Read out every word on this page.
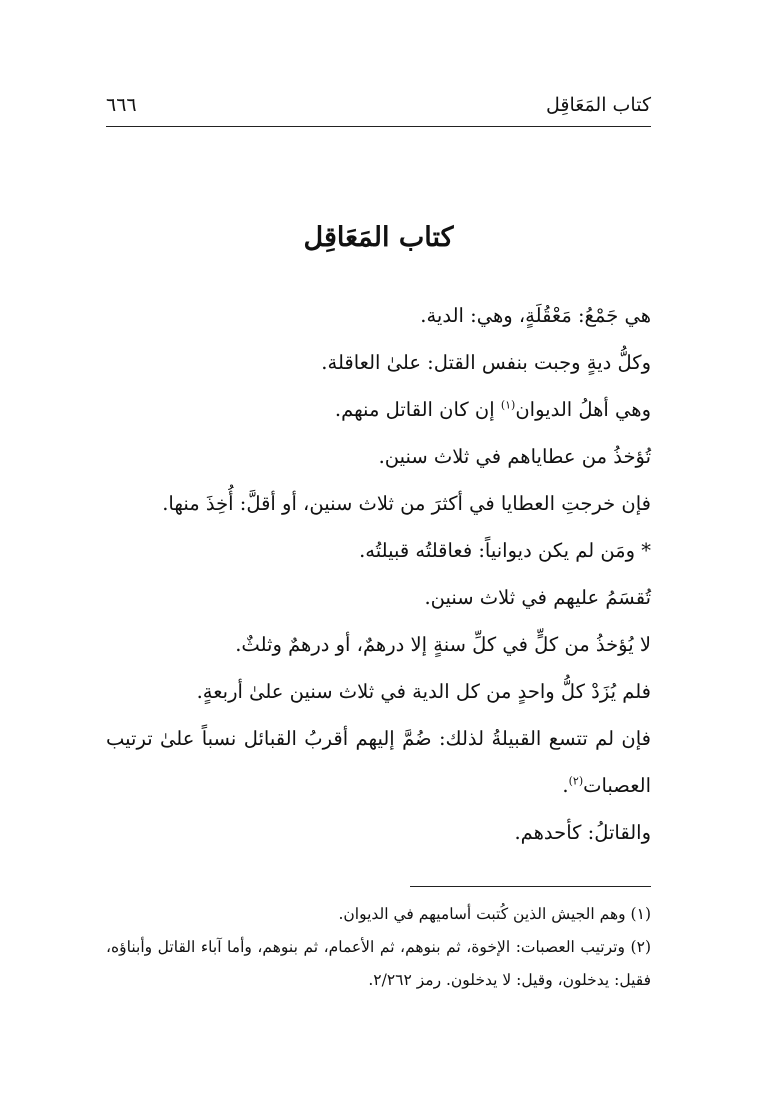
كتاب المَعَاقِل
٦٦٦
كتاب المَعَاقِل
هي جَمْعُ: مَعْقُلَةٍ، وهي: الدية.
وكلُّ ديةٍ وجبت بنفس القتل: علىٰ العاقلة.
وهي أهلُ الديوان$^{(١)}$ إن كان القاتل منهم.
تُؤخذُ من عطاياهم في ثلاث سنين.
فإن خرجتِ العطايا في أكثرَ من ثلاث سنين، أو أقلَّ: أُخِذَ منها.
* ومَن لم يكن ديوانياً: فعاقلتُه قبيلتُه.
تُقسَمُ عليهم في ثلاث سنين.
لا يُؤخذُ من كلٍّ في كلِّ سنةٍ إلا درهمٌ، أو درهمٌ وثلثٌ.
فلم يُزَدْ كلُّ واحدٍ من كل الدية في ثلاث سنين علىٰ أربعةٍ.
فإن لم تتسع القبيلةُ لذلك: ضُمَّ إليهم أقربُ القبائل نسباً علىٰ ترتيب العصبات$^{(٢)}$.
والقاتلُ: كأحدهم.
(١) وهم الجيش الذين كُتبت أساميهم في الديوان.
(٢) وترتيب العصبات: الإخوة، ثم بنوهم، ثم الأعمام، ثم بنوهم، وأما آباء القاتل وأبناؤه، فقيل: يدخلون، وقيل: لا يدخلون. رمز ٢/٢٦٢.
